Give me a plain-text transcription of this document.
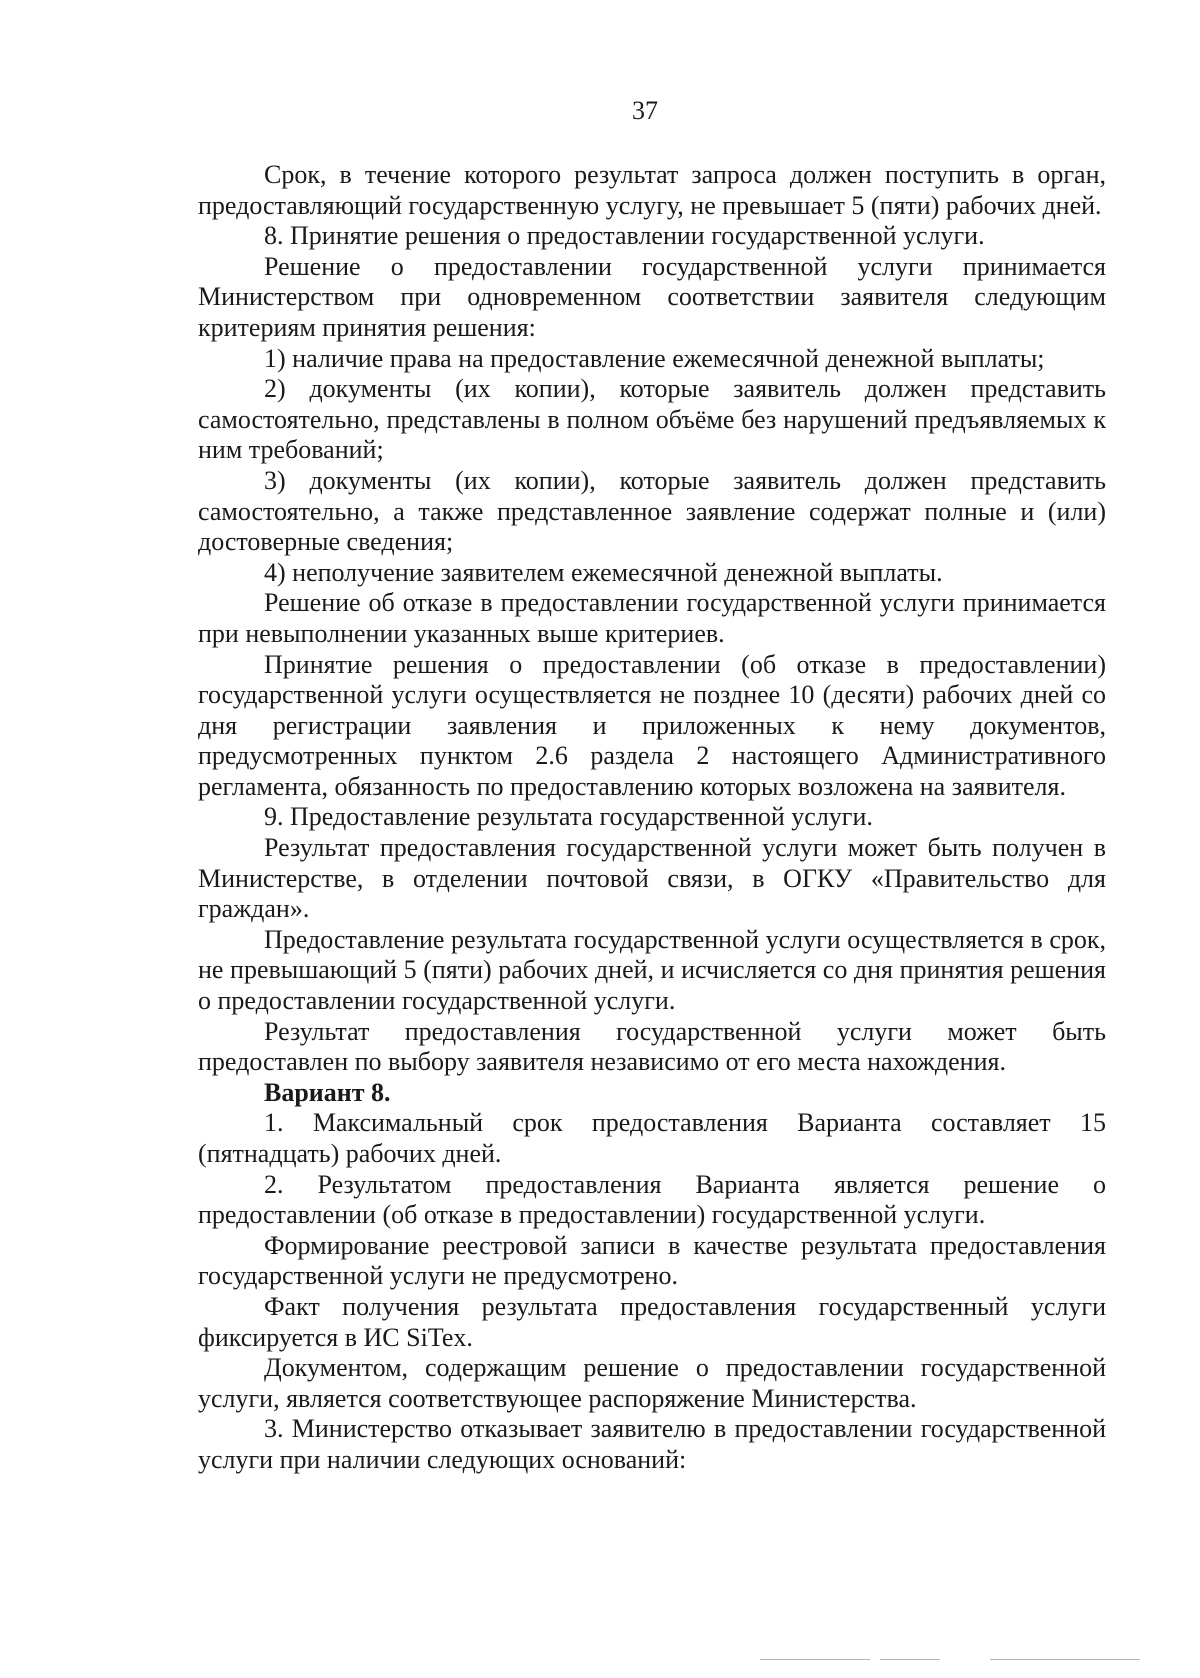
37

Срок, в течение которого результат запроса должен поступить в орган, предоставляющий государственную услугу, не превышает 5 (пяти) рабочих дней.

8. Принятие решения о предоставлении государственной услуги.

Решение о предоставлении государственной услуги принимается Министерством при одновременном соответствии заявителя следующим критериям принятия решения:

1) наличие права на предоставление ежемесячной денежной выплаты;

2) документы (их копии), которые заявитель должен представить самостоятельно, представлены в полном объёме без нарушений предъявляемых к ним требований;

3) документы (их копии), которые заявитель должен представить самостоятельно, а также представленное заявление содержат полные и (или) достоверные сведения;

4) неполучение заявителем ежемесячной денежной выплаты.

Решение об отказе в предоставлении государственной услуги принимается при невыполнении указанных выше критериев.

Принятие решения о предоставлении (об отказе в предоставлении) государственной услуги осуществляется не позднее 10 (десяти) рабочих дней со дня регистрации заявления и приложенных к нему документов, предусмотренных пунктом 2.6 раздела 2 настоящего Административного регламента, обязанность по предоставлению которых возложена на заявителя.

9. Предоставление результата государственной услуги.

Результат предоставления государственной услуги может быть получен в Министерстве, в отделении почтовой связи, в ОГКУ «Правительство для граждан».

Предоставление результата государственной услуги осуществляется в срок, не превышающий 5 (пяти) рабочих дней, и исчисляется со дня принятия решения о предоставлении государственной услуги.

Результат предоставления государственной услуги может быть предоставлен по выбору заявителя независимо от его места нахождения.

Вариант 8.

1. Максимальный срок предоставления Варианта составляет 15 (пятнадцать) рабочих дней.

2. Результатом предоставления Варианта является решение о предоставлении (об отказе в предоставлении) государственной услуги.

Формирование реестровой записи в качестве результата предоставления государственной услуги не предусмотрено.

Факт получения результата предоставления государственный услуги фиксируется в ИС SiTex.

Документом, содержащим решение о предоставлении государственной услуги, является соответствующее распоряжение Министерства.

3. Министерство отказывает заявителю в предоставлении государственной услуги при наличии следующих оснований:
